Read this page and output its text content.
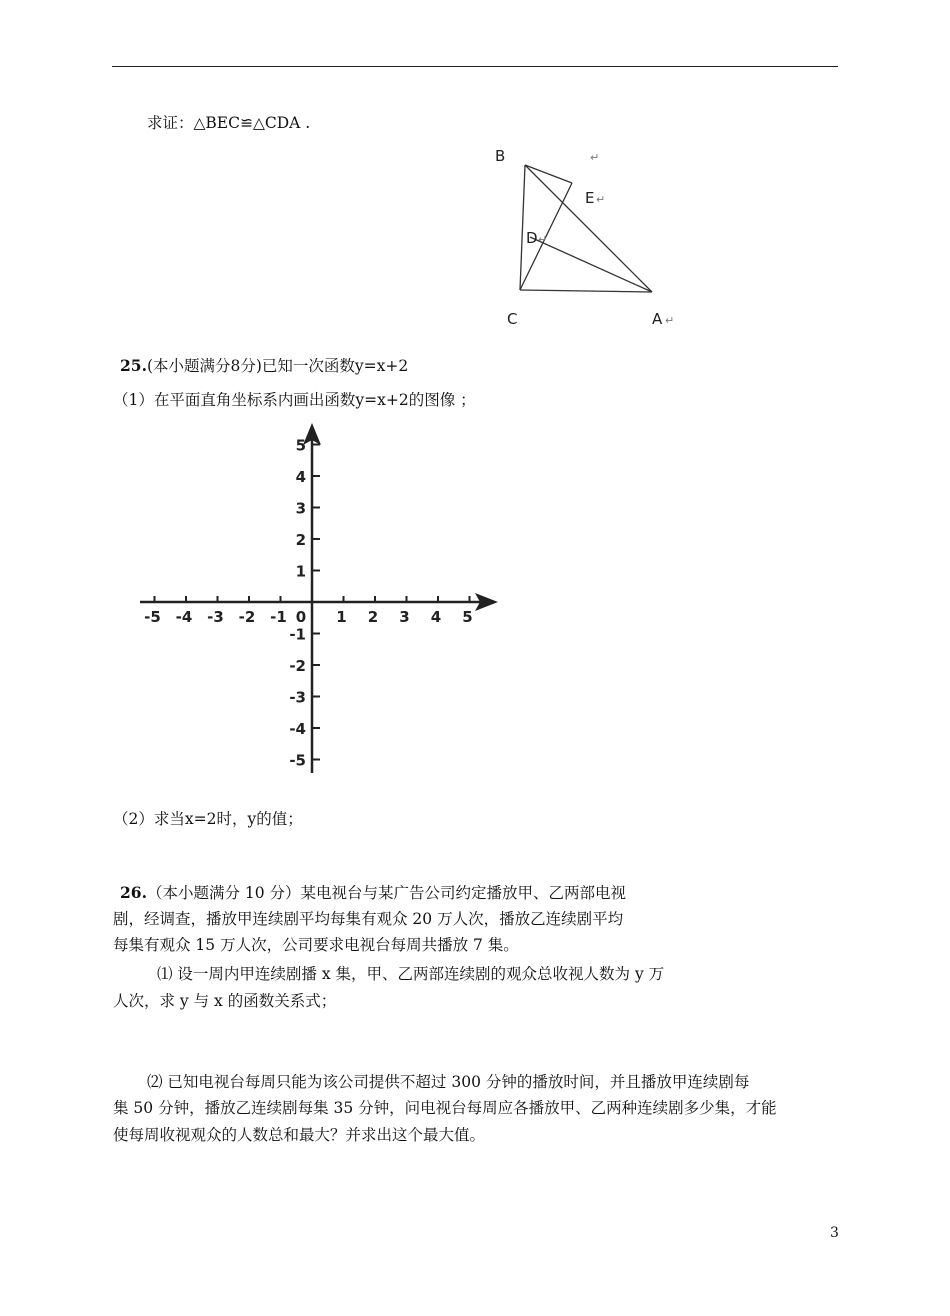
求证：△BEC≌△CDA .
B	↵
E ↵
D ↵
C	A ↵
25.(本小题满分8分)已知一次函数y=x+2
（1）在平面直角坐标系内画出函数y=x+2的图像 ；
-5 -4 -3 -2 -1 0 1 2 3 4 5
5
4
3
2
1
-1
-2
-3
-4
-5
（2）求当x=2时，y的值；
26.（本小题满分 10 分）某电视台与某广告公司约定播放甲、乙两部电视
剧，经调查，播放甲连续剧平均每集有观众 20 万人次，播放乙连续剧平均
每集有观众 15 万人次，公司要求电视台每周共播放 7 集。
⑴ 设一周内甲连续剧播 x 集，甲、乙两部连续剧的观众总收视人数为 y 万
人次，求 y 与 x 的函数关系式；
⑵ 已知电视台每周只能为该公司提供不超过 300 分钟的播放时间，并且播放甲连续剧每
集 50 分钟，播放乙连续剧每集 35 分钟，问电视台每周应各播放甲、乙两种连续剧多少集，才能
使每周收视观众的人数总和最大？并求出这个最大值。
3
